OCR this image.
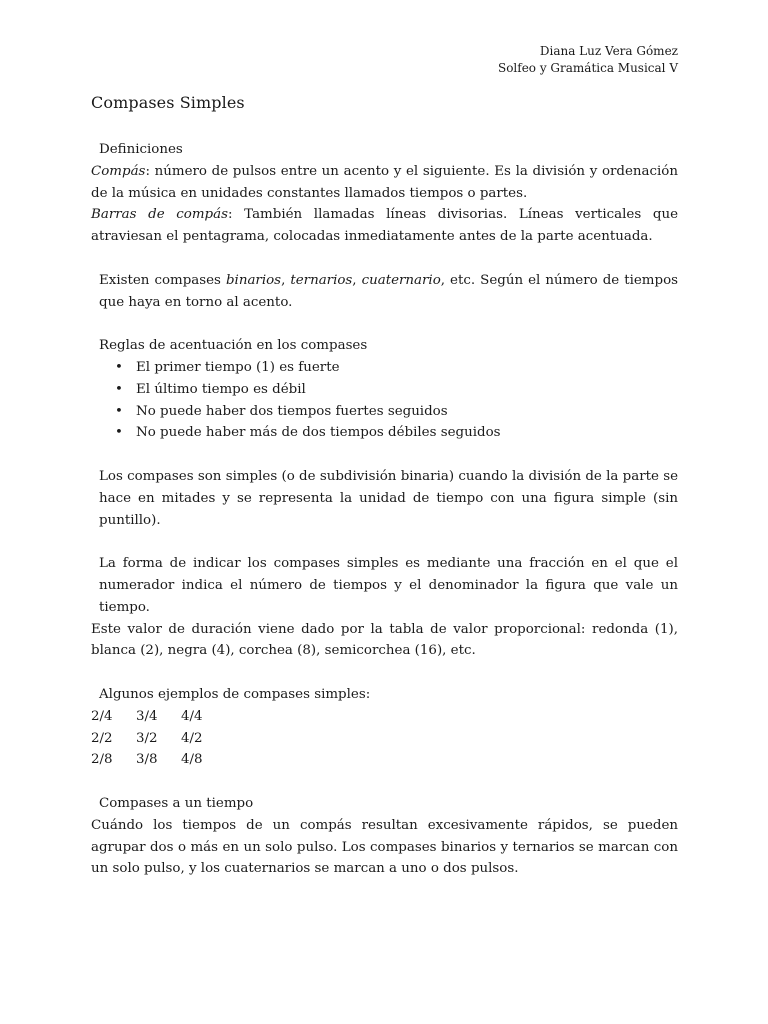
Diana Luz Vera Gómez
Solfeo y Gramática Musical V
Compases Simples

Definiciones

Compás: número de pulsos entre un acento y el siguiente. Es la división y ordenación de la música en unidades constantes llamados tiempos o partes.

Barras de compás: También llamadas líneas divisorias. Líneas verticales que atraviesan el pentagrama, colocadas inmediatamente antes de la parte acentuada.

Existen compases binarios, ternarios, cuaternario, etc. Según el número de tiempos que haya en torno al acento.

Reglas de acentuación en los compases

• El primer tiempo (1) es fuerte
• El último tiempo es débil
• No puede haber dos tiempos fuertes seguidos
• No puede haber más de dos tiempos débiles seguidos

Los compases son simples (o de subdivisión binaria) cuando la división de la parte se hace en mitades y se representa la unidad de tiempo con una figura simple (sin puntillo).

La forma de indicar los compases simples es mediante una fracción en el que el numerador indica el número de tiempos y el denominador la figura que vale un tiempo.

Este valor de duración viene dado por la tabla de valor proporcional: redonda (1), blanca (2), negra (4), corchea (8), semicorchea (16), etc.

Algunos ejemplos de compases simples:

2/4	3/4	4/4
2/2	3/2	4/2
2/8	3/8	4/8

Compases a un tiempo

Cuándo los tiempos de un compás resultan excesivamente rápidos, se pueden agrupar dos o más en un solo pulso. Los compases binarios y ternarios se marcan con un solo pulso, y los cuaternarios se marcan a uno o dos pulsos.
